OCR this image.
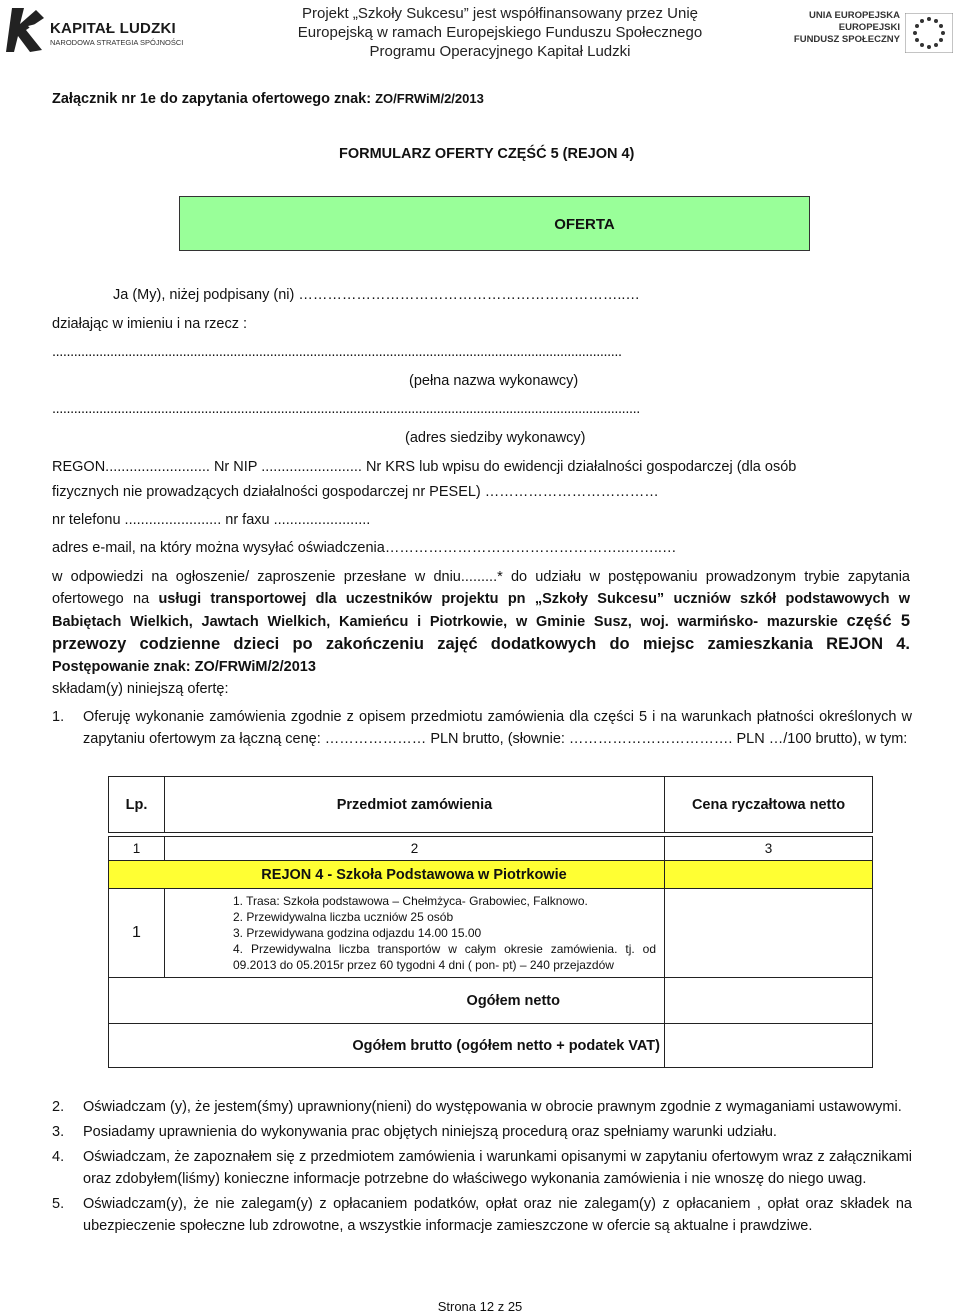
KAPITAŁ LUDZKI
NARODOWA STRATEGIA SPÓJNOŚCI
Projekt „Szkoły Sukcesu” jest współfinansowany przez Unię
Europejską w ramach Europejskiego Funduszu Społecznego
Programu Operacyjnego Kapitał Ludzki
UNIA EUROPEJSKA
EUROPEJSKI
FUNDUSZ SPOŁECZNY
Załącznik nr 1e do zapytania ofertowego znak: ZO/FRWiM/2/2013
FORMULARZ OFERTY CZĘŚĆ 5 (REJON 4)
OFERTA
Ja (My), niżej podpisany (ni) …………………………………………………………..…
działając w imieniu i na rzecz :
.............................................................................................................................................................
(pełna nazwa wykonawcy)
..................................................................................................................................................................
(adres siedziby wykonawcy)
REGON.......................... Nr NIP ......................... Nr KRS lub wpisu do ewidencji działalności gospodarczej (dla osób
fizycznych nie prowadzących działalności gospodarczej nr PESEL) ………………………………
nr telefonu ........................ nr faxu ........................
adres e-mail, na który można wysyłać oświadczenia…………………………………………..……..…
w odpowiedzi na ogłoszenie/ zaproszenie przesłane w dniu.........* do udziału w postępowaniu prowadzonym trybie zapytania ofertowego na usługi transportowej dla uczestników projektu pn „Szkoły Sukcesu” uczniów szkół podstawowych w Babiętach Wielkich, Jawtach Wielkich, Kamieńcu i Piotrkowie, w Gminie Susz, woj. warmińsko- mazurskie część 5 przewozy codzienne dzieci po zakończeniu zajęć dodatkowych do miejsc zamieszkania REJON 4. Postępowanie znak: ZO/FRWiM/2/2013
składam(y) niniejszą ofertę:
1. Oferuję wykonanie zamówienia zgodnie z opisem przedmiotu zamówienia dla części 5 i na warunkach płatności określonych w zapytaniu ofertowym za łączną cenę: ………………… PLN brutto, (słownie: ……………………………. PLN …/100 brutto), w tym:
Lp.	Przedmiot zamówienia	Cena ryczałtowa netto

1	2	3
REJON 4 - Szkoła Podstawowa w Piotrkowie		
1	1. Trasa: Szkoła podstawowa – Chełmżyca- Grabowiec, Falknowo.
2. Przewidywalna liczba uczniów 25 osób
3. Przewidywana godzina odjazdu 14.00 15.00
4. Przewidywalna liczba transportów w całym okresie zamówienia. tj. od 09.2013 do 05.2015r przez 60 tygodni 4 dni ( pon- pt) – 240 przejazdów	

	Ogółem netto	
	Ogółem brutto (ogółem netto + podatek VAT)	
2. Oświadczam (y), że jestem(śmy) uprawniony(nieni) do występowania w obrocie prawnym zgodnie z wymaganiami ustawowymi.
3. Posiadamy uprawnienia do wykonywania prac objętych niniejszą procedurą oraz spełniamy warunki udziału.
4. Oświadczam, że zapoznałem się z przedmiotem zamówienia i warunkami opisanymi w zapytaniu ofertowym wraz z załącznikami oraz zdobyłem(liśmy) konieczne informacje potrzebne do właściwego wykonania zamówienia i nie wnoszę do niego uwag.
5. Oświadczam(y), że nie zalegam(y) z opłacaniem podatków, opłat oraz nie zalegam(y) z opłacaniem , opłat oraz składek na ubezpieczenie społeczne lub zdrowotne, a wszystkie informacje zamieszczone w ofercie są aktualne i prawdziwe.
Strona 12 z 25
